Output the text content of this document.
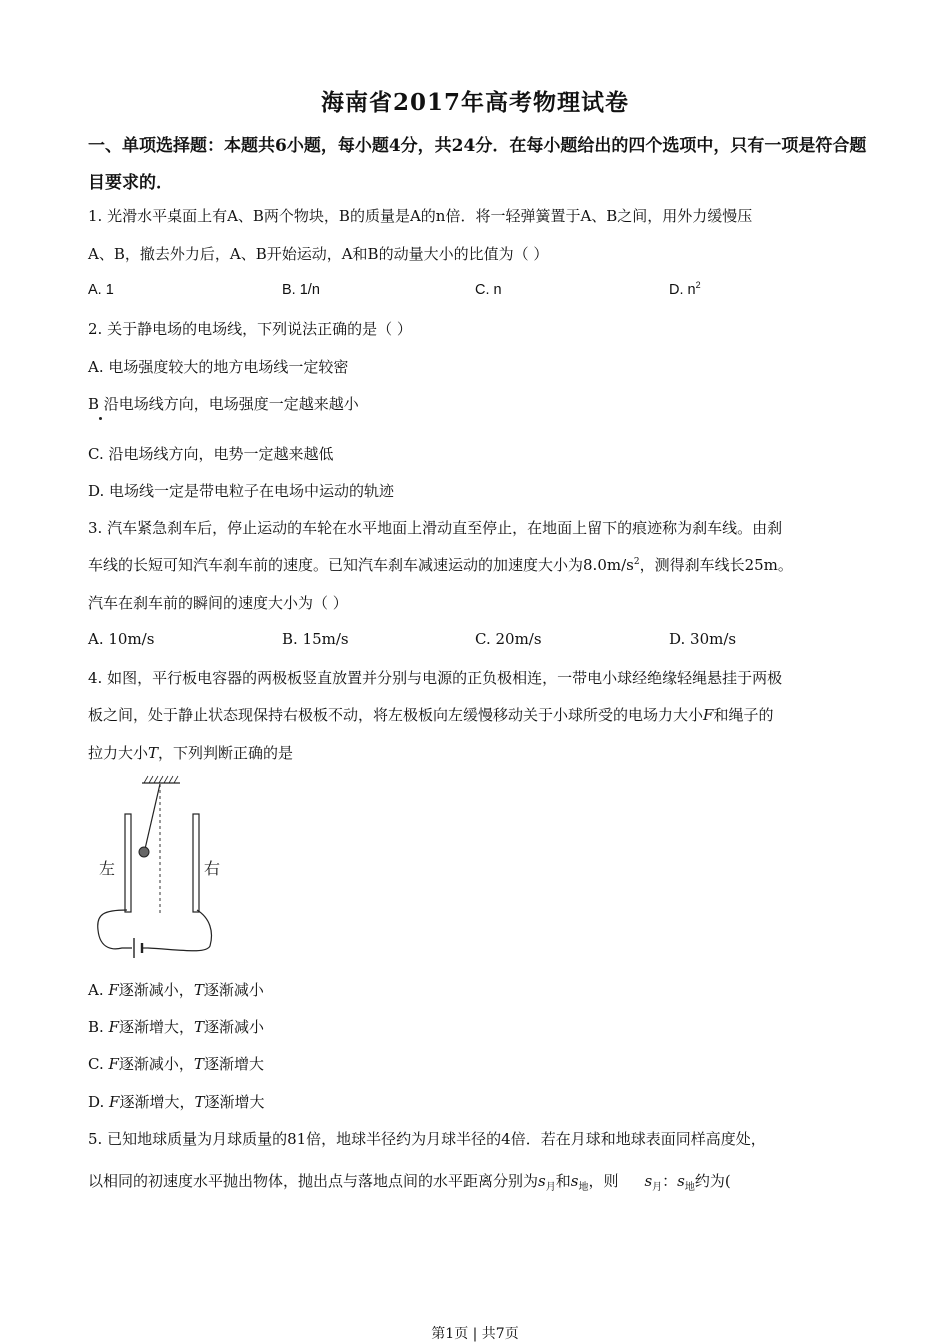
海南省2017年高考物理试卷
一、单项选择题：本题共6小题，每小题4分，共24分．在每小题给出的四个选项中，只有一项是符合题目要求的．
1. 光滑水平桌面上有A、B两个物块，B的质量是A的n倍．将一轻弹簧置于A、B之间，用外力缓慢压
A、B，撤去外力后，A、B开始运动，A和B的动量大小的比值为（ ）
A. 1	B. 1/n	C. n	D. $n^2$
2. 关于静电场的电场线，下列说法正确的是（ ）
A. 电场强度较大的地方电场线一定较密
B 沿电场线方向，电场强度一定越来越小
C. 沿电场线方向，电势一定越来越低
D. 电场线一定是带电粒子在电场中运动的轨迹
3. 汽车紧急刹车后，停止运动的车轮在水平地面上滑动直至停止，在地面上留下的痕迹称为刹车线。由刹
车线的长短可知汽车刹车前的速度。已知汽车刹车减速运动的加速度大小为$8.0m/s^2$，测得刹车线长25m。
汽车在刹车前的瞬间的速度大小为（ ）
A. 10m/s	B. 15m/s	C. 20m/s	D. 30m/s
4. 如图，平行板电容器的两极板竖直放置并分别与电源的正负极相连，一带电小球经绝缘轻绳悬挂于两极
板之间，处于静止状态现保持右极板不动，将左极板向左缓慢移动关于小球所受的电场力大小F和绳子的
拉力大小T，下列判断正确的是
左	右
A. F逐渐减小，T逐渐减小
B. F逐渐增大，T逐渐减小
C. F逐渐减小，T逐渐增大
D. F逐渐增大，T逐渐增大
5. 已知地球质量为月球质量的81倍，地球半径约为月球半径的4倍．若在月球和地球表面同样高度处，
以相同的初速度水平抛出物体，抛出点与落地点间的水平距离分别为$s_月$和$s_地$，则 $s_月$：$s_地$约为(
第1页 | 共7页
